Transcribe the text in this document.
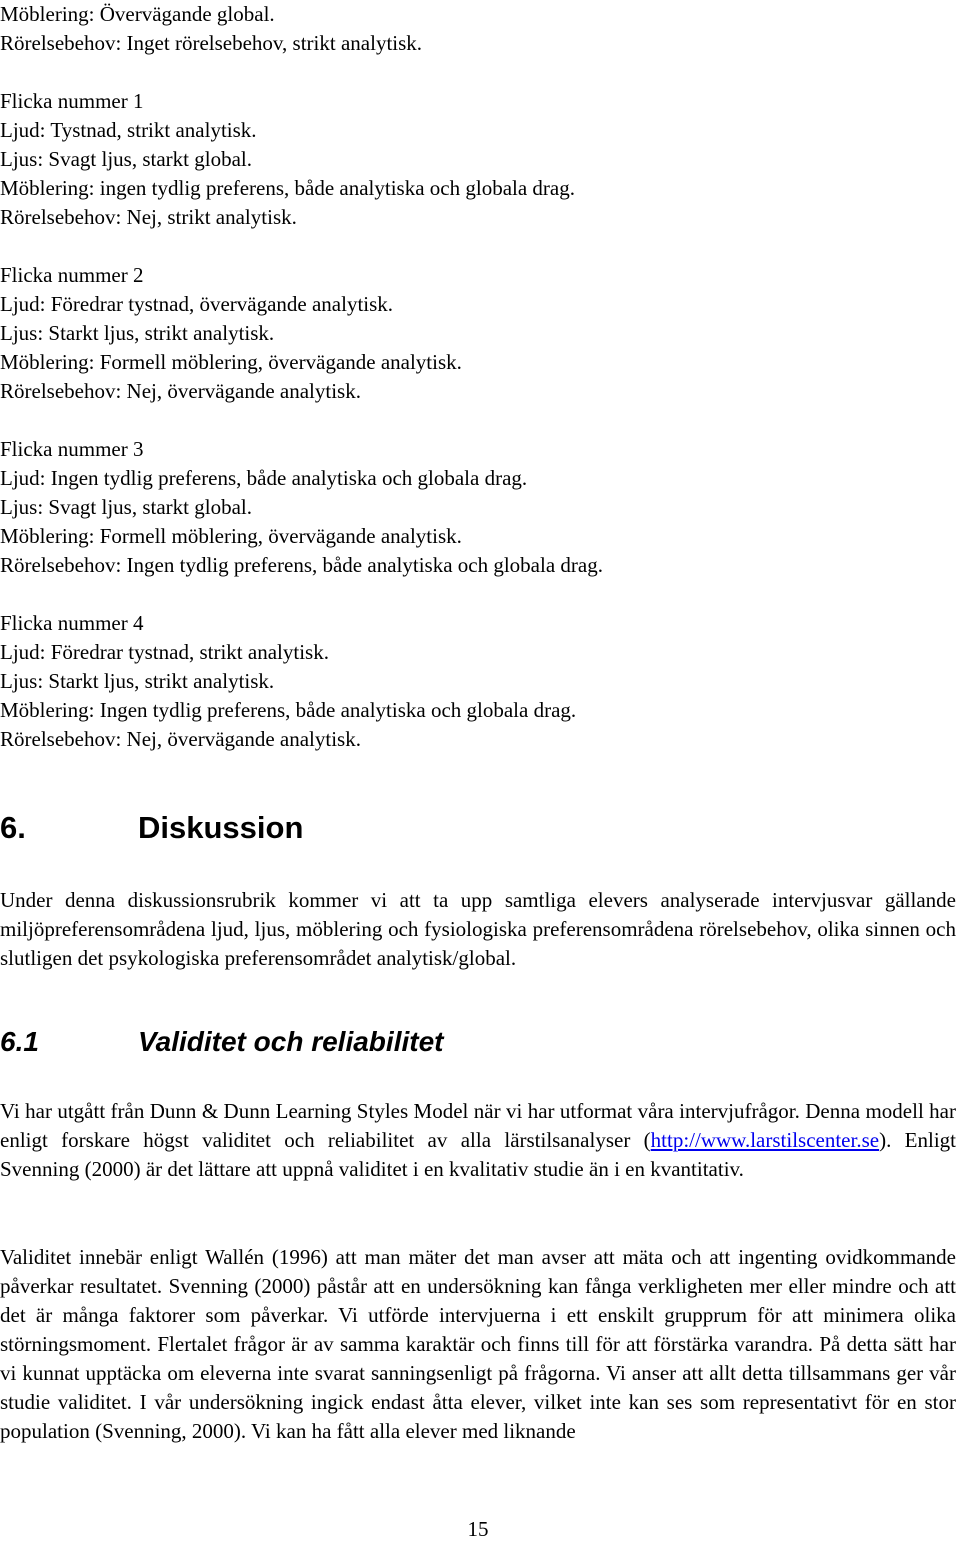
Möblering: Övervägande global.
Rörelsebehov: Inget rörelsebehov, strikt analytisk.
Flicka nummer 1
Ljud: Tystnad, strikt analytisk.
Ljus: Svagt ljus, starkt global.
Möblering: ingen tydlig preferens, både analytiska och globala drag.
Rörelsebehov: Nej, strikt analytisk.
Flicka nummer 2
Ljud: Föredrar tystnad, övervägande analytisk.
Ljus: Starkt ljus, strikt analytisk.
Möblering: Formell möblering, övervägande analytisk.
Rörelsebehov: Nej, övervägande analytisk.
Flicka nummer 3
Ljud: Ingen tydlig preferens, både analytiska och globala drag.
Ljus: Svagt ljus, starkt global.
Möblering: Formell möblering, övervägande analytisk.
Rörelsebehov: Ingen tydlig preferens, både analytiska och globala drag.
Flicka nummer 4
Ljud: Föredrar tystnad, strikt analytisk.
Ljus: Starkt ljus, strikt analytisk.
Möblering: Ingen tydlig preferens, både analytiska och globala drag.
Rörelsebehov: Nej, övervägande analytisk.
6.	Diskussion
Under denna diskussionsrubrik kommer vi att ta upp samtliga elevers analyserade intervjusvar gällande miljöpreferensområdena ljud, ljus, möblering och fysiologiska preferensområdena rörelsebehov, olika sinnen och slutligen det psykologiska preferensområdet analytisk/global.
6.1	Validitet och reliabilitet
Vi har utgått från Dunn & Dunn Learning Styles Model när vi har utformat våra intervjufrågor. Denna modell har enligt forskare högst validitet och reliabilitet av alla lärstilsanalyser (http://www.larstilscenter.se). Enligt Svenning (2000) är det lättare att uppnå validitet i en kvalitativ studie än i en kvantitativ.
Validitet innebär enligt Wallén (1996) att man mäter det man avser att mäta och att ingenting ovidkommande påverkar resultatet. Svenning (2000) påstår att en undersökning kan fånga verkligheten mer eller mindre och att det är många faktorer som påverkar. Vi utförde intervjuerna i ett enskilt grupprum för att minimera olika störningsmoment. Flertalet frågor är av samma karaktär och finns till för att förstärka varandra. På detta sätt har vi kunnat upptäcka om eleverna inte svarat sanningsenligt på frågorna. Vi anser att allt detta tillsammans ger vår studie validitet. I vår undersökning ingick endast åtta elever, vilket inte kan ses som representativt för en stor population (Svenning, 2000). Vi kan ha fått alla elever med liknande
15
